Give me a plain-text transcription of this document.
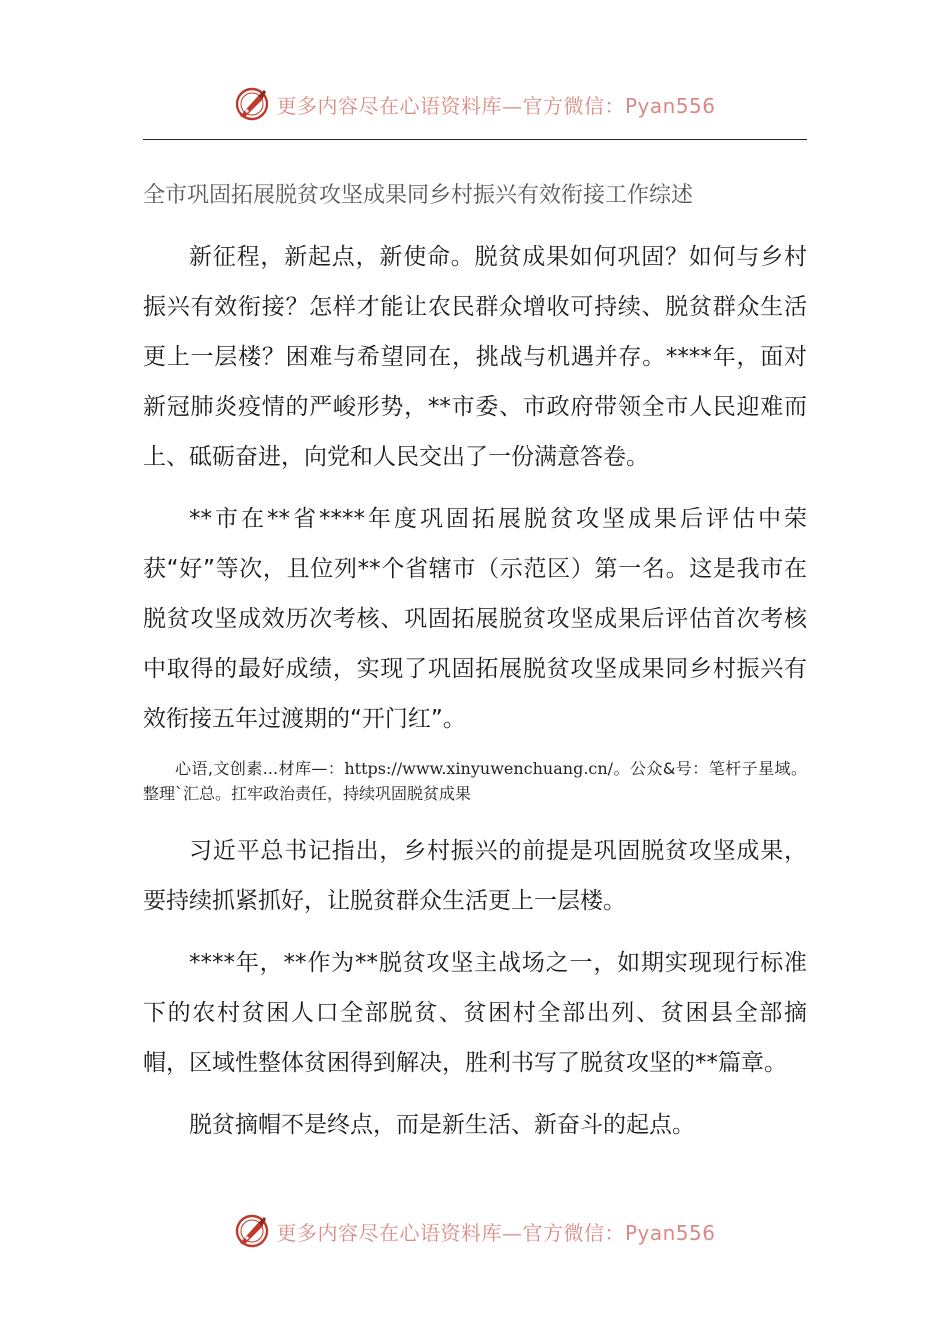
更多内容尽在心语资料库—官方微信：Pyan556
全市巩固拓展脱贫攻坚成果同乡村振兴有效衔接工作综述

新征程，新起点，新使命。脱贫成果如何巩固？如何与乡村振兴有效衔接？怎样才能让农民群众增收可持续、脱贫群众生活更上一层楼？困难与希望同在，挑战与机遇并存。****年，面对新冠肺炎疫情的严峻形势，**市委、市政府带领全市人民迎难而上、砥砺奋进，向党和人民交出了一份满意答卷。

**市在**省****年度巩固拓展脱贫攻坚成果后评估中荣获“好”等次，且位列**个省辖市（示范区）第一名。这是我市在脱贫攻坚成效历次考核、巩固拓展脱贫攻坚成果后评估首次考核中取得的最好成绩，实现了巩固拓展脱贫攻坚成果同乡村振兴有效衔接五年过渡期的“开门红”。

心语,文创素...材库—：https://www.xinyuwenchuang.cn/。公众&号：笔杆子星域。整理`汇总。扛牢政治责任，持续巩固脱贫成果

习近平总书记指出，乡村振兴的前提是巩固脱贫攻坚成果，要持续抓紧抓好，让脱贫群众生活更上一层楼。

****年，**作为**脱贫攻坚主战场之一，如期实现现行标准下的农村贫困人口全部脱贫、贫困村全部出列、贫困县全部摘帽，区域性整体贫困得到解决，胜利书写了脱贫攻坚的**篇章。

脱贫摘帽不是终点，而是新生活、新奋斗的起点。

更多内容尽在心语资料库—官方微信：Pyan556
